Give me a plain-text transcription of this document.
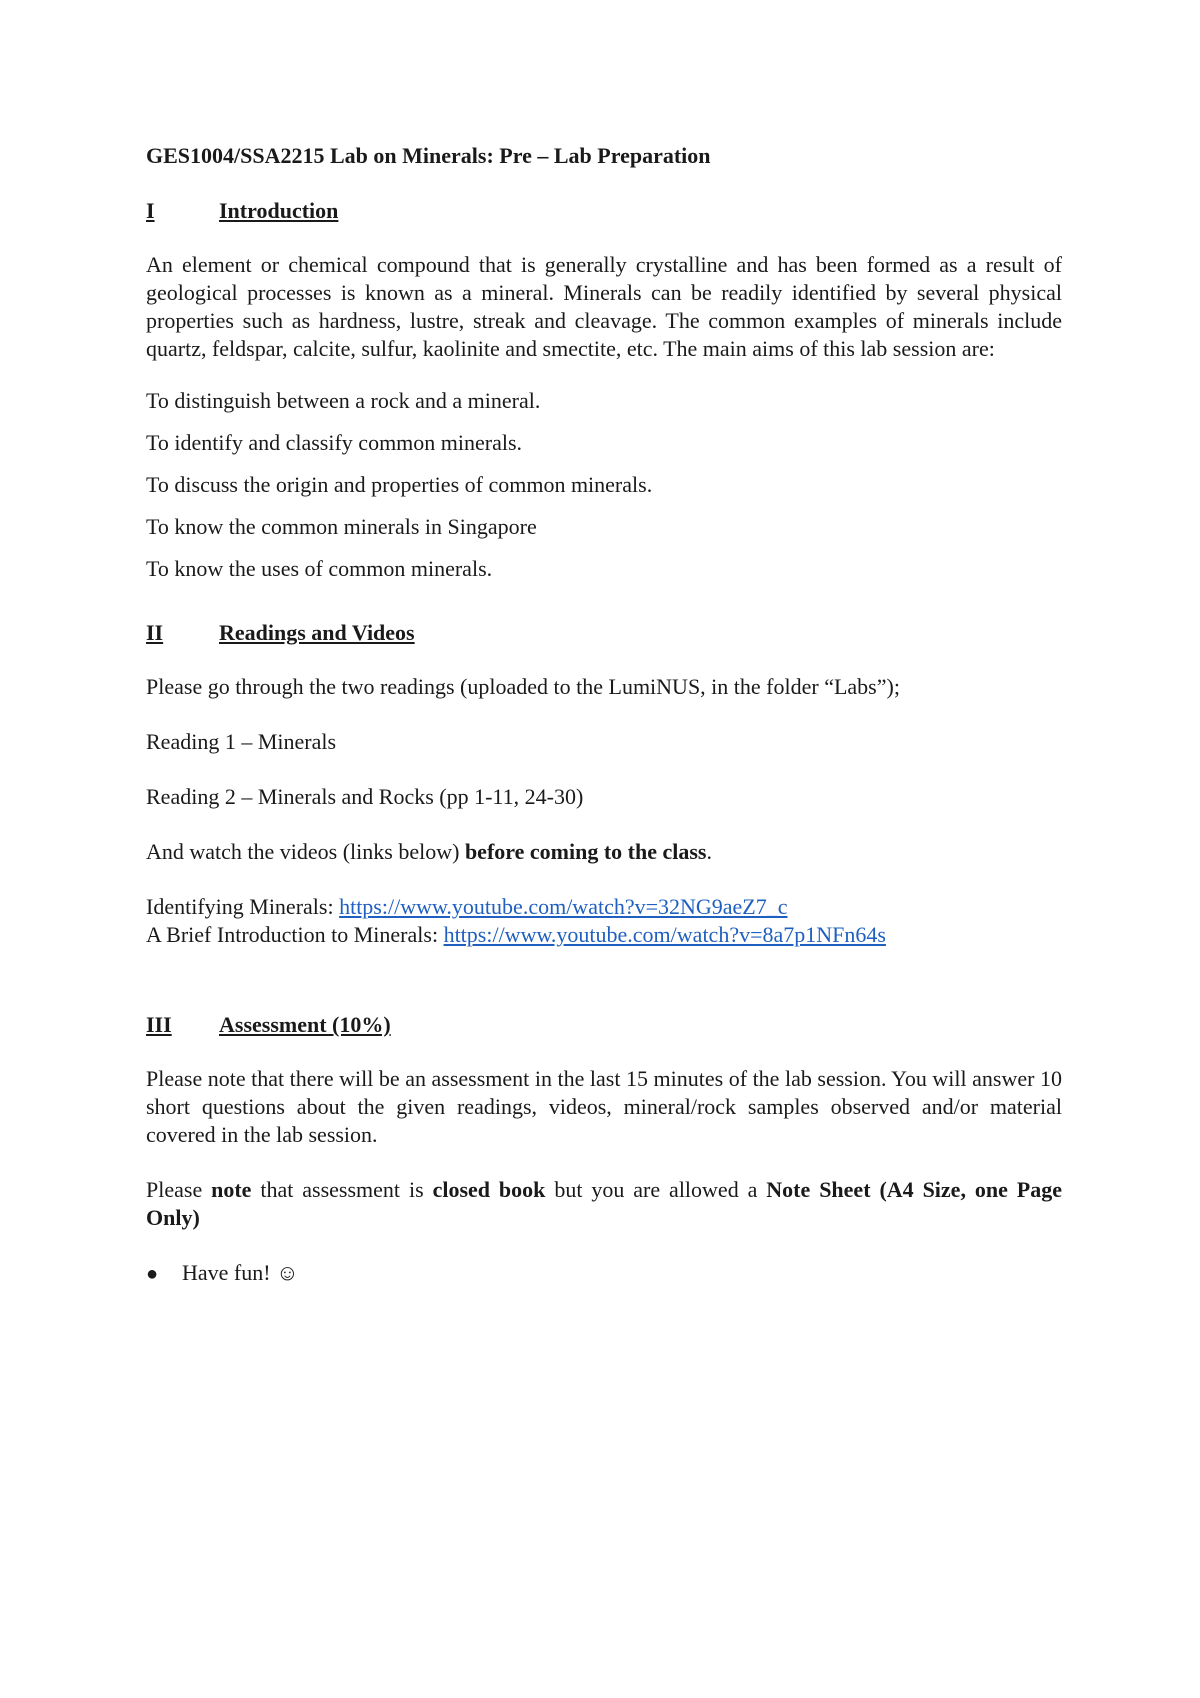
GES1004/SSA2215 Lab on Minerals: Pre – Lab Preparation

I	Introduction

An element or chemical compound that is generally crystalline and has been formed as a result of geological processes is known as a mineral. Minerals can be readily identified by several physical properties such as hardness, lustre, streak and cleavage. The common examples of minerals include quartz, feldspar, calcite, sulfur, kaolinite and smectite, etc. The main aims of this lab session are:

To distinguish between a rock and a mineral.

To identify and classify common minerals.

To discuss the origin and properties of common minerals.

To know the common minerals in Singapore

To know the uses of common minerals.

II	Readings and Videos

Please go through the two readings (uploaded to the LumiNUS, in the folder “Labs”);

Reading 1 – Minerals

Reading 2 – Minerals and Rocks (pp 1-11, 24-30)

And watch the videos (links below) before coming to the class.

Identifying Minerals: https://www.youtube.com/watch?v=32NG9aeZ7_c

A Brief Introduction to Minerals: https://www.youtube.com/watch?v=8a7p1NFn64s

III	Assessment (10%)

Please note that there will be an assessment in the last 15 minutes of the lab session. You will answer 10 short questions about the given readings, videos, mineral/rock samples observed and/or material covered in the lab session.

Please note that assessment is closed book but you are allowed a Note Sheet (A4 Size, one Page Only)

●	Have fun! ☺
